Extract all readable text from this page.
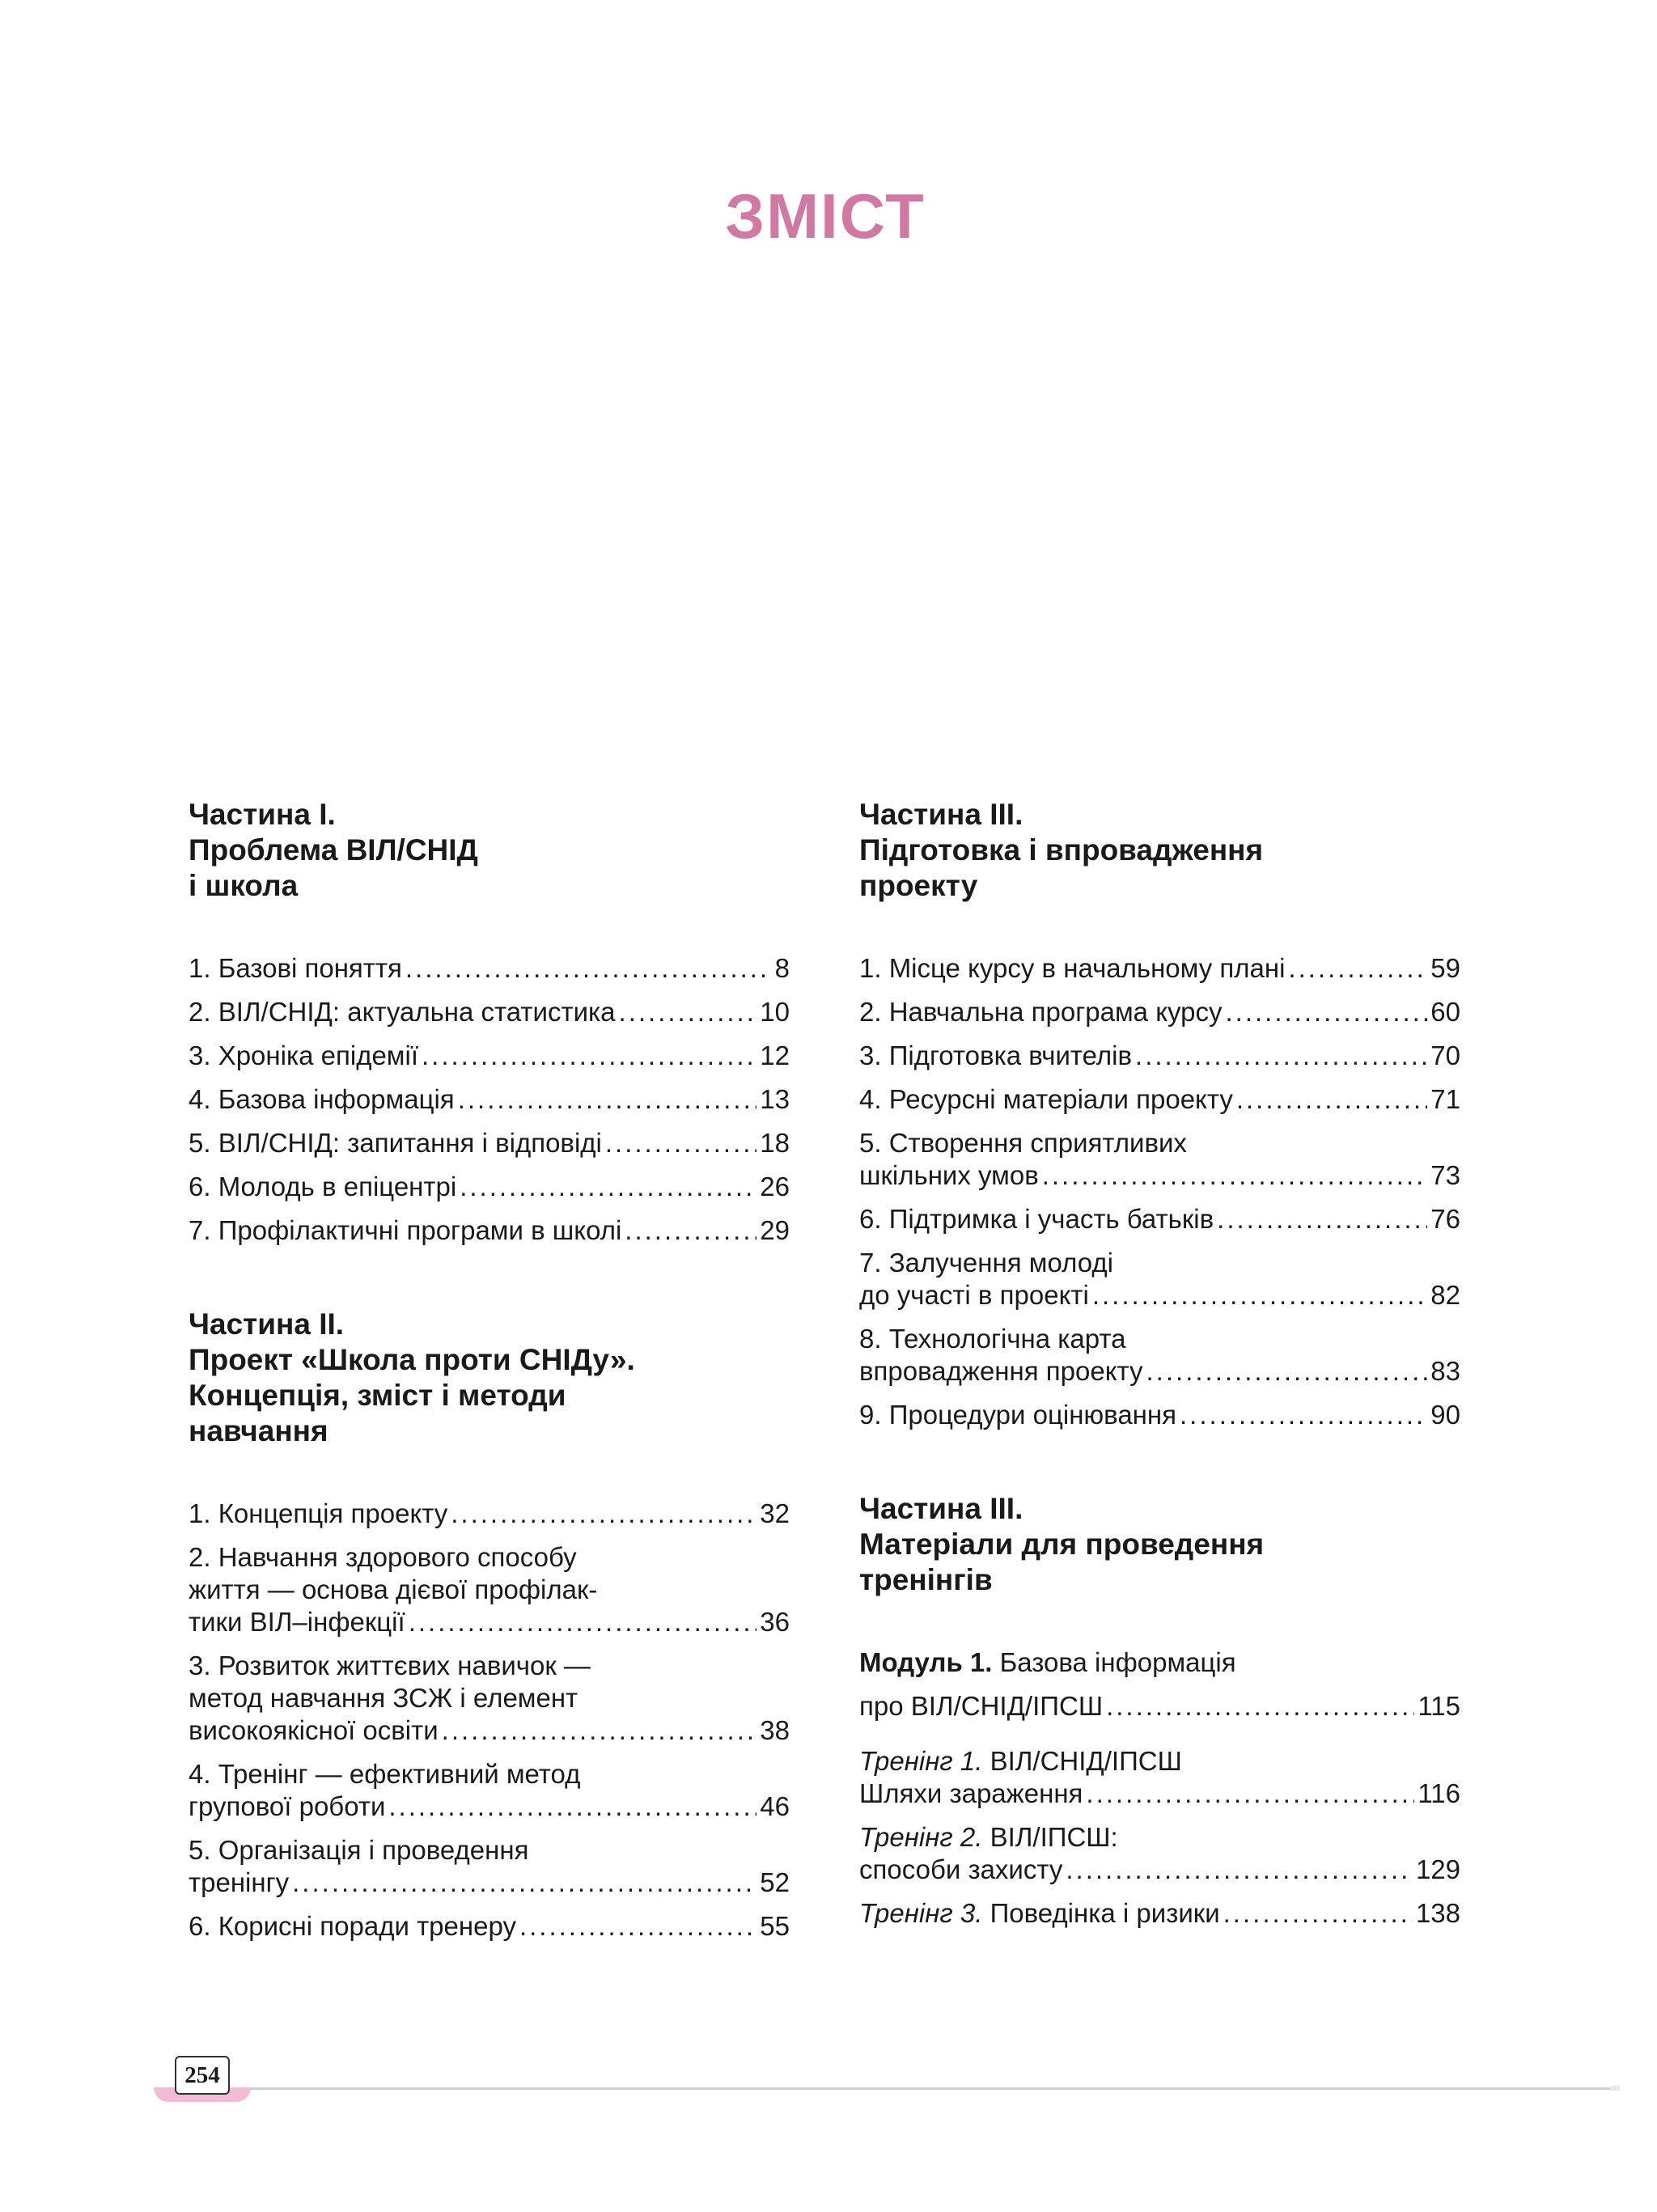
ЗМІСТ
Частина І.
Проблема ВІЛ/СНІД
і школа
1. Базові поняття .....	8
2. ВІЛ/СНІД: актуальна статистика .....	10
3. Хроніка епідемії .....	12
4. Базова інформація .....	13
5. ВІЛ/СНІД: запитання і відповіді .....	18
6. Молодь в епіцентрі .....	26
7. Профілактичні програми в школі .....	29
Частина ІІ.
Проект «Школа проти СНІДу».
Концепція, зміст і методи
навчання
1. Концепція проекту .....	32
2. Навчання здорового способу
життя — основа дієвої профілак-
тики ВІЛ–інфекції .....	36
3. Розвиток життєвих навичок —
метод навчання ЗСЖ і елемент
високоякісної освіти .....	38
4. Тренінг — ефективний метод
групової роботи .....	46
5. Організація і проведення
тренінгу .....	52
6. Корисні поради тренеру .....	55
Частина ІІІ.
Підготовка і впровадження
проекту
1. Місце курсу в начальному плані .....	59
2. Навчальна програма курсу .....	60
3. Підготовка вчителів .....	70
4. Ресурсні матеріали проекту .....	71
5. Створення сприятливих
шкільних умов .....	73
6. Підтримка і участь батьків .....	76
7. Залучення молоді
до участі в проекті .....	82
8. Технологічна карта
впровадження проекту .....	83
9. Процедури оцінювання .....	90
Частина ІІІ.
Матеріали для проведення
тренінгів
Модуль 1. Базова інформація
про ВІЛ/СНІД/ІПСШ .....	115
Тренінг 1. ВІЛ/СНІД/ІПСШ
Шляхи зараження .....	116
Тренінг 2. ВІЛ/ІПСШ:
способи захисту .....	129
Тренінг 3. Поведінка і ризики .....	138
254
